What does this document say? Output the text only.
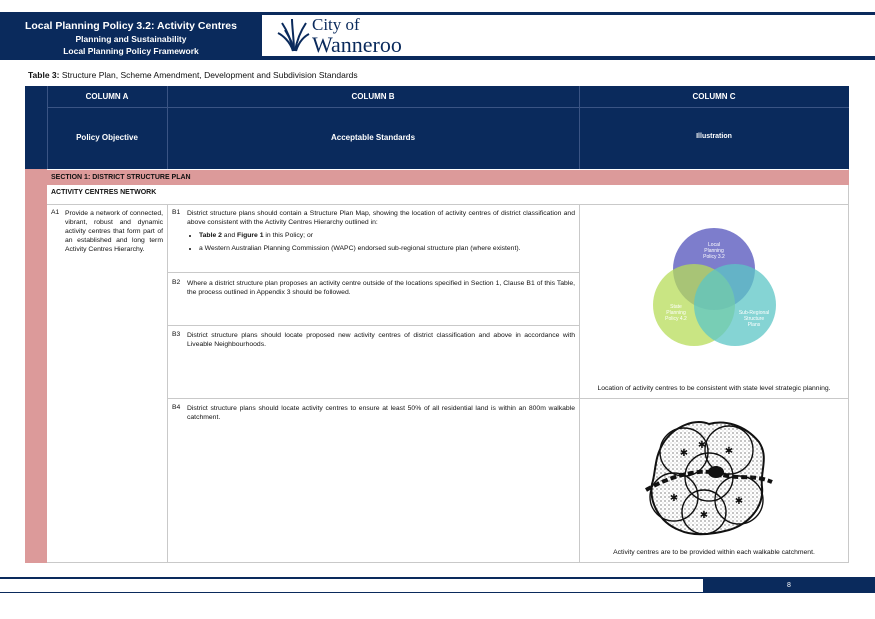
Local Planning Policy 3.2: Activity Centres
Planning and Sustainability
Local Planning Policy Framework
City of
Wanneroo
Table 3: Structure Plan, Scheme Amendment, Development and Subdivision Standards
COLUMN A	COLUMN B	COLUMN C
Policy Objective	Acceptable Standards	Illustration
SECTION 1: DISTRICT STRUCTURE PLAN
ACTIVITY CENTRES NETWORK
A1 Provide a network of connected, vibrant, robust and dynamic activity centres that form part of an established and long term Activity Centres Hierarchy.
B1 District structure plans should contain a Structure Plan Map, showing the location of activity centres of district classification and above consistent with the Activity Centres Hierarchy outlined in:
• Table 2 and Figure 1 in this Policy; or
• a Western Australian Planning Commission (WAPC) endorsed sub-regional structure plan (where existent).
B2 Where a district structure plan proposes an activity centre outside of the locations specified in Section 1, Clause B1 of this Table, the process outlined in Appendix 3 should be followed.
B3 District structure plans should locate proposed new activity centres of district classification and above in accordance with Liveable Neighbourhoods.
B4 District structure plans should locate activity centres to ensure at least 50% of all residential land is within an 800m walkable catchment.
Local Planning Policy 3.2
State Planning Policy 4.2
Sub-Regional Structure Plans
Location of activity centres to be consistent with state level strategic planning.
✱	✱
✱	✱
✱
✱
Activity centres are to be provided within each walkable catchment.
8
